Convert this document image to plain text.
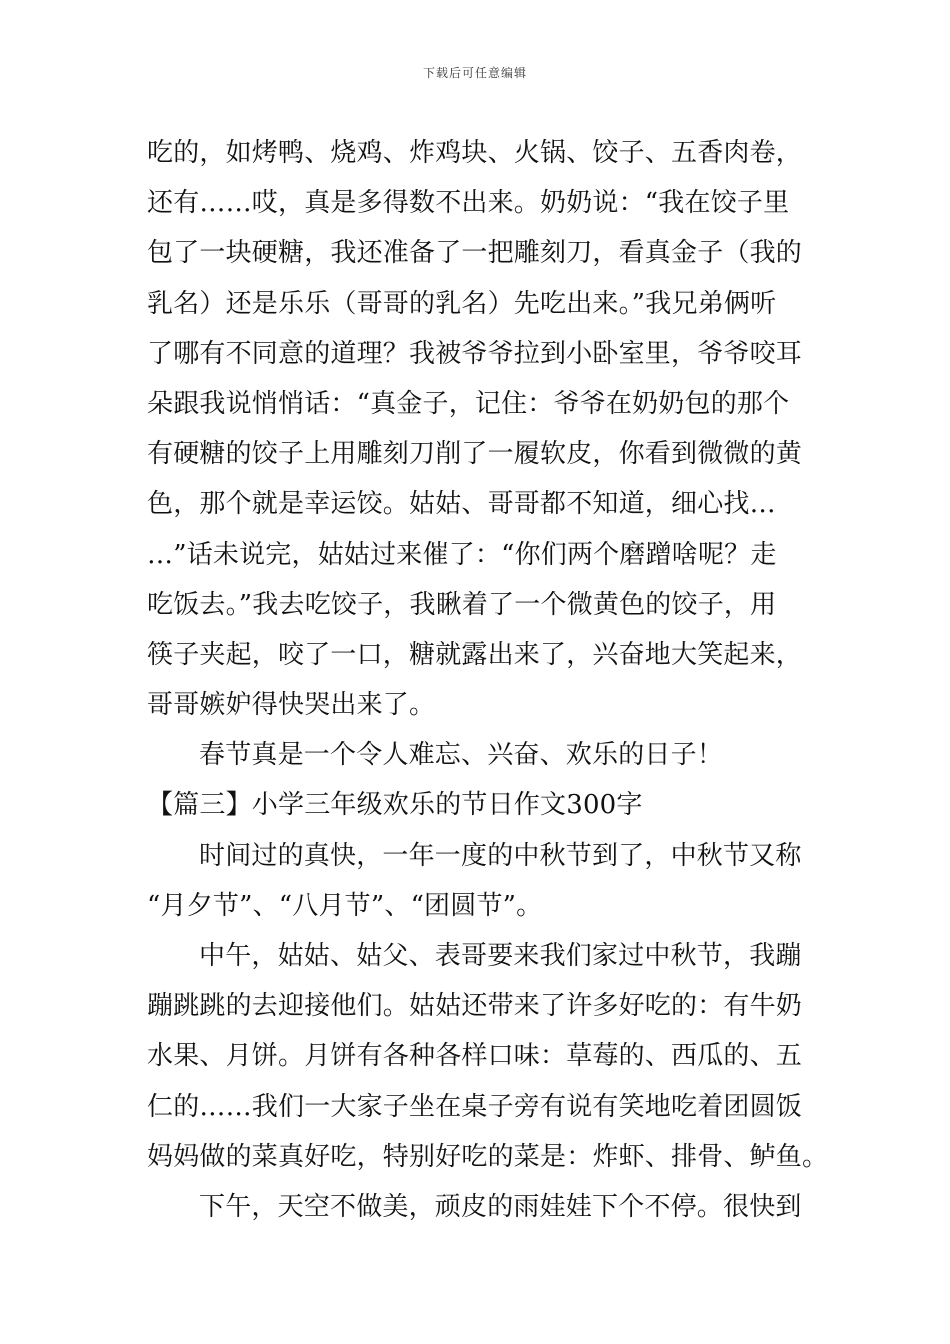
下载后可任意编辑
吃的，如烤鸭、烧鸡、炸鸡块、火锅、饺子、五香肉卷，
还有……哎，真是多得数不出来。奶奶说：“我在饺子里
包了一块硬糖，我还准备了一把雕刻刀，看真金子（我的
乳名）还是乐乐（哥哥的乳名）先吃出来。”我兄弟俩听
了哪有不同意的道理？我被爷爷拉到小卧室里，爷爷咬耳
朵跟我说悄悄话：“真金子，记住：爷爷在奶奶包的那个
有硬糖的饺子上用雕刻刀削了一履软皮，你看到微微的黄
色，那个就是幸运饺。姑姑、哥哥都不知道，细心找…
…”话未说完，姑姑过来催了：“你们两个磨蹭啥呢？走
吃饭去。”我去吃饺子，我瞅着了一个微黄色的饺子，用
筷子夹起，咬了一口，糖就露出来了，兴奋地大笑起来，
哥哥嫉妒得快哭出来了。
春节真是一个令人难忘、兴奋、欢乐的日子！
【篇三】小学三年级欢乐的节日作文300字
时间过的真快，一年一度的中秋节到了，中秋节又称
“月夕节”、“八月节”、“团圆节”。
中午，姑姑、姑父、表哥要来我们家过中秋节，我蹦
蹦跳跳的去迎接他们。姑姑还带来了许多好吃的：有牛奶
水果、月饼。月饼有各种各样口味：草莓的、西瓜的、五
仁的……我们一大家子坐在桌子旁有说有笑地吃着团圆饭
妈妈做的菜真好吃，特别好吃的菜是：炸虾、排骨、鲈鱼。
下午，天空不做美，顽皮的雨娃娃下个不停。很快到
